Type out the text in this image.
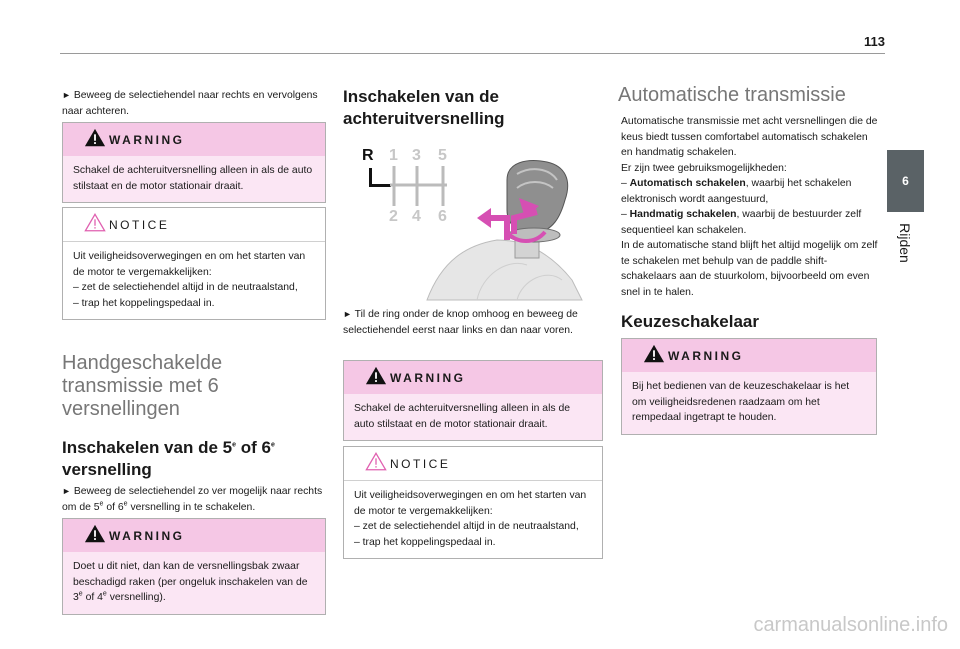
113
6
Rijden

► Beweeg de selectiehendel naar rechts en vervolgens naar achteren.

WARNING

Schakel de achteruitversnelling alleen in als de auto stilstaat en de motor stationair draait.

NOTICE

Uit veiligheidsoverwegingen en om het starten van de motor te vergemakkelijken:

– zet de selectiehendel altijd in de neutraalstand,

– trap het koppelingspedaal in.

Handgeschakelde transmissie met 6 versnellingen
Inschakelen van de 5e of 6e
versnelling

► Beweeg de selectiehendel zo ver mogelijk naar rechts om de 5e of 6e versnelling in te schakelen.

WARNING

Doet u dit niet, dan kan de versnellingsbak zwaar beschadigd raken (per ongeluk inschakelen van de 3e of 4e versnelling).

Inschakelen van de achteruitversnelling
R 1 3 5
2 4 6

► Til de ring onder de knop omhoog en beweeg de selectiehendel eerst naar links en dan naar voren.

WARNING

Schakel de achteruitversnelling alleen in als de auto stilstaat en de motor stationair draait.

NOTICE

Uit veiligheidsoverwegingen en om het starten van de motor te vergemakkelijken:

– zet de selectiehendel altijd in de neutraalstand,

– trap het koppelingspedaal in.

Automatische transmissie

Automatische transmissie met acht versnellingen die de keus biedt tussen comfortabel automatisch schakelen en handmatig schakelen.

Er zijn twee gebruiksmogelijkheden:

– Automatisch schakelen, waarbij het schakelen elektronisch wordt aangestuurd,

– Handmatig schakelen, waarbij de bestuurder zelf sequentieel kan schakelen.

In de automatische stand blijft het altijd mogelijk om zelf te schakelen met behulp van de paddle shift-schakelaars aan de stuurkolom, bijvoorbeeld om even snel in te halen.

Keuzeschakelaar
WARNING

Bij het bedienen van de keuzeschakelaar is het om veiligheidsredenen raadzaam om het rempedaal ingetrapt te houden.

carmanualsonline.info
